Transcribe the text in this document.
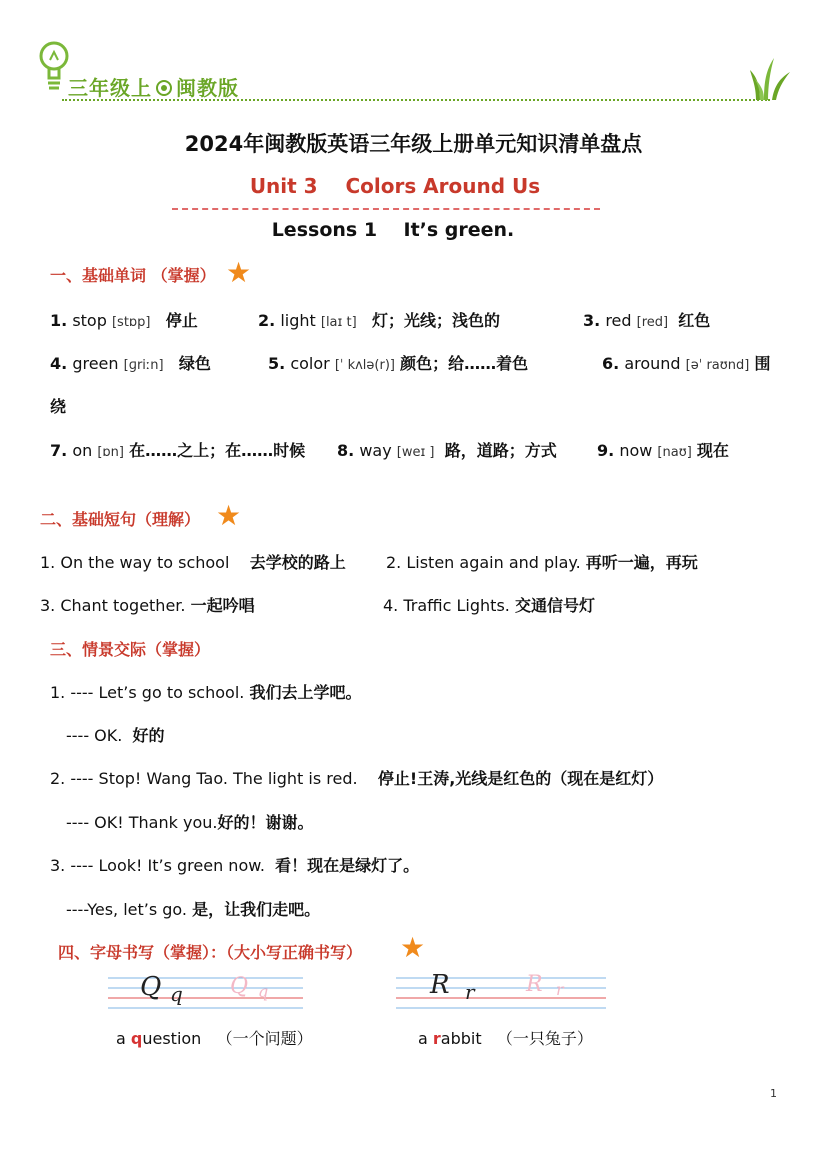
三年级上 闽教版
2024年闽教版英语三年级上册单元知识清单盘点
Unit 3    Colors Around Us
Lessons 1    It’s green.
一、基础单词 （掌握） ★
1. stop [stɒp] 停止	2. light [laɪ t] 灯；光线；浅色的	3. red [red] 红色
4. green [ɡriːn] 绿色	5. color [ˈ kʌlə(r)] 颜色；给……着色	6. around [əˈ raʊnd] 围
绕
7. on [ɒn] 在……之上；在……时候 8. way [weɪ ] 路，道路；方式	9. now [naʊ] 现在
二、基础短句（理解） ★
1. On the way to school 去学校的路上	2. Listen again and play. 再听一遍，再玩
3. Chant together. 一起吟唱	4. Traffic Lights. 交通信号灯
三、情景交际（掌握）
1. ---- Let’s go to school. 我们去上学吧。
---- OK. 好的
2. ---- Stop! Wang Tao. The light is red. 停止!王涛,光线是红色的（现在是红灯）
---- OK! Thank you.好的！谢谢。
3. ---- Look! It’s green now. 看！现在是绿灯了。
----Yes, let’s go. 是，让我们走吧。
四、字母书写（掌握）：（大小写正确书写） ★
Q q Q q	R r R r
a question （一个问题）	a rabbit （一只兔子）
1
